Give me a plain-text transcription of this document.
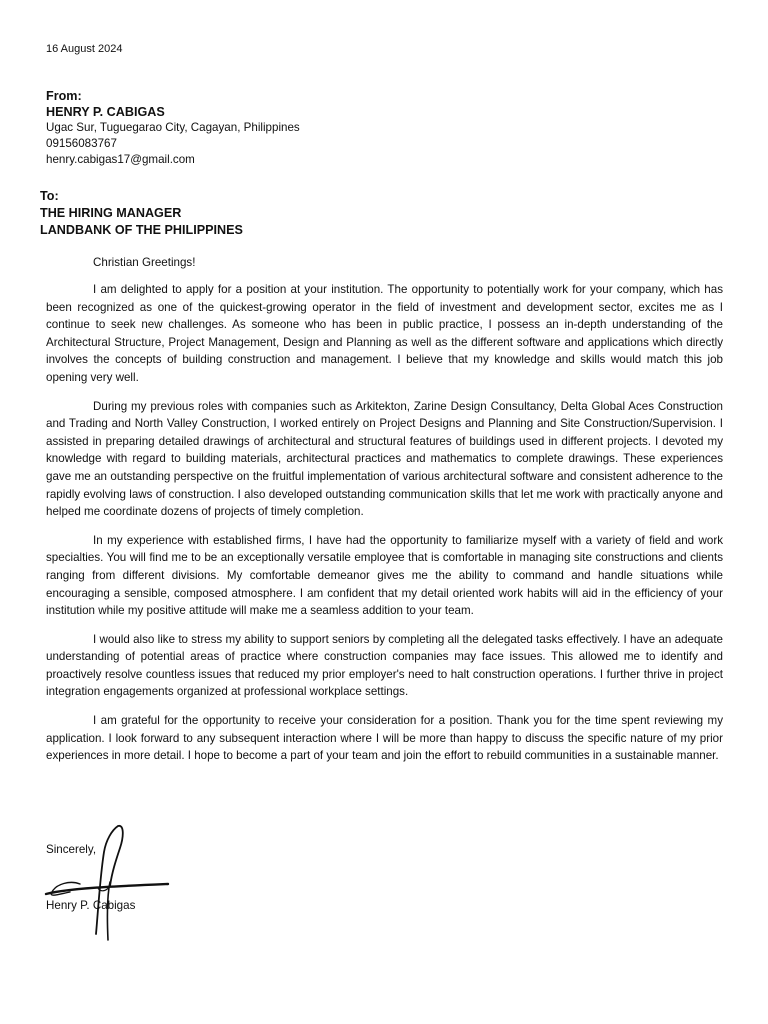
16 August 2024
From:
HENRY P. CABIGAS
Ugac Sur, Tuguegarao City, Cagayan, Philippines
09156083767
henry.cabigas17@gmail.com
To:
THE HIRING MANAGER
LANDBANK OF THE PHILIPPINES
Christian Greetings!

I am delighted to apply for a position at your institution. The opportunity to potentially work for your company, which has been recognized as one of the quickest-growing operator in the field of investment and development sector, excites me as I continue to seek new challenges. As someone who has been in public practice, I possess an in-depth understanding of the Architectural Structure, Project Management, Design and Planning as well as the different software and applications which directly involves the concepts of building construction and management. I believe that my knowledge and skills would match this job opening very well.

During my previous roles with companies such as Arkitekton, Zarine Design Consultancy, Delta Global Aces Construction and Trading and North Valley Construction, I worked entirely on Project Designs and Planning and Site Construction/Supervision. I assisted in preparing detailed drawings of architectural and structural features of buildings used in different projects. I devoted my knowledge with regard to building materials, architectural practices and mathematics to complete drawings. These experiences gave me an outstanding perspective on the fruitful implementation of various architectural software and consistent adherence to the rapidly evolving laws of construction. I also developed outstanding communication skills that let me work with practically anyone and helped me coordinate dozens of projects of timely completion.

In my experience with established firms, I have had the opportunity to familiarize myself with a variety of field and work specialties. You will find me to be an exceptionally versatile employee that is comfortable in managing site constructions and clients ranging from different divisions. My comfortable demeanor gives me the ability to command and handle situations while encouraging a sensible, composed atmosphere. I am confident that my detail oriented work habits will aid in the efficiency of your institution while my positive attitude will make me a seamless addition to your team.

I would also like to stress my ability to support seniors by completing all the delegated tasks effectively. I have an adequate understanding of potential areas of practice where construction companies may face issues. This allowed me to identify and proactively resolve countless issues that reduced my prior employer's need to halt construction operations. I further thrive in project integration engagements organized at professional workplace settings.

I am grateful for the opportunity to receive your consideration for a position. Thank you for the time spent reviewing my application. I look forward to any subsequent interaction where I will be more than happy to discuss the specific nature of my prior experiences in more detail. I hope to become a part of your team and join the effort to rebuild communities in a sustainable manner.

Sincerely,
Henry P. Cabigas
